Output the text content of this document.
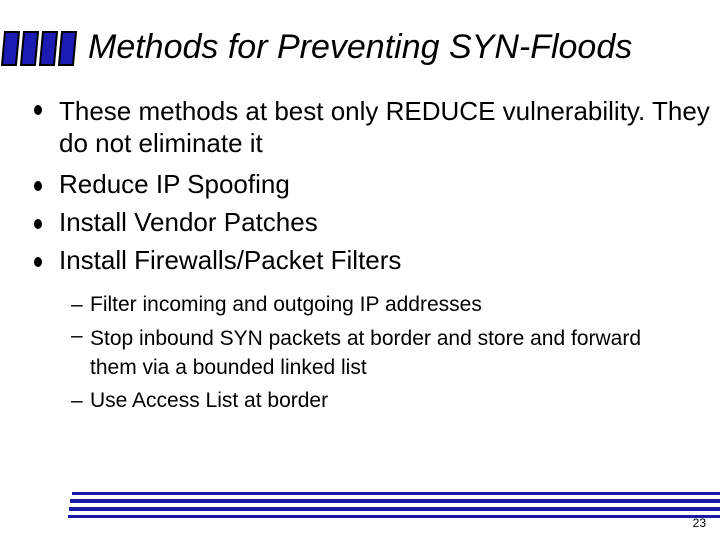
Methods for Preventing SYN-Floods
These methods at best only REDUCE vulnerability. They do not eliminate it
Reduce IP Spoofing
Install Vendor Patches
Install Firewalls/Packet Filters
– Filter incoming and outgoing IP addresses
– Stop inbound SYN packets at border and store and forward them via a bounded linked list
– Use Access List at border
23
